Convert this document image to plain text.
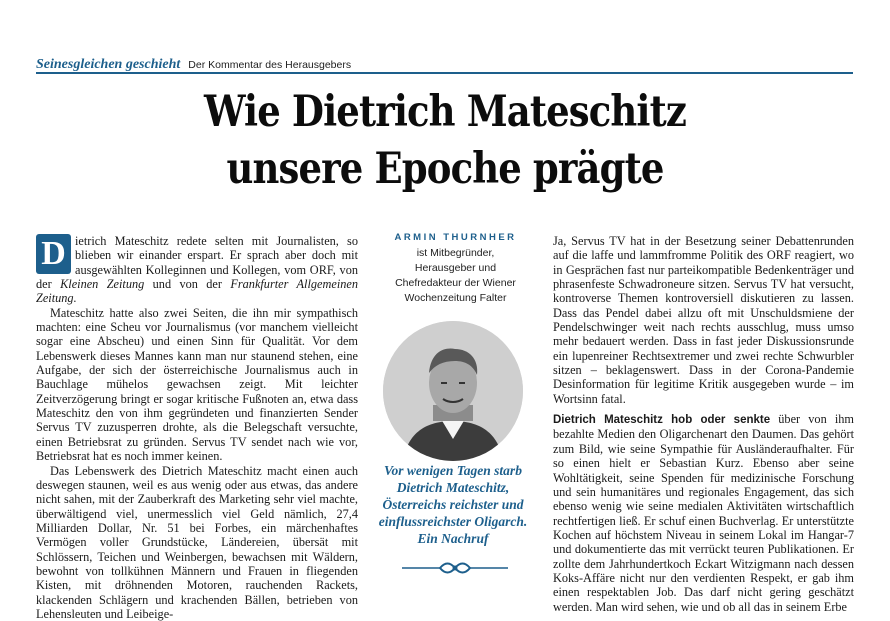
Seinesgleichen geschieht Der Kommentar des Herausgebers
Wie Dietrich Mateschitz
unsere Epoche prägte

D ietrich Mateschitz redete selten mit Journalisten, so blieben wir einander erspart. Er sprach aber doch mit ausgewählten Kolleginnen und Kollegen, vom ORF, von der Kleinen Zeitung und von der Frankfurter Allgemeinen Zeitung.

Mateschitz hatte also zwei Seiten, die ihn mir sympathisch machten: eine Scheu vor Journalismus (vor manchem vielleicht sogar eine Abscheu) und einen Sinn für Qualität. Vor dem Lebenswerk dieses Mannes kann man nur staunend stehen, eine Aufgabe, der sich der österreichische Journalismus auch in Bauchlage mühelos gewachsen zeigt. Mit leichter Zeitverzögerung bringt er sogar kritische Fußnoten an, etwa dass Mateschitz den von ihm gegründeten und finanzierten Sender Servus TV zuzusperren drohte, als die Belegschaft versuchte, einen Betriebsrat zu gründen. Servus TV sendet nach wie vor, Betriebsrat hat es noch immer keinen.

Das Lebenswerk des Dietrich Mateschitz macht einen auch deswegen staunen, weil es aus wenig oder aus etwas, das andere nicht sahen, mit der Zauberkraft des Marketing sehr viel machte, überwältigend viel, unermesslich viel Geld nämlich, 27,4 Milliarden Dollar, Nr. 51 bei Forbes, ein märchenhaftes Vermögen voller Grundstücke, Ländereien, übersät mit Schlössern, Teichen und Weinbergen, bewachsen mit Wäldern, bewohnt von tollkühnen Männern und Frauen in fliegenden Kisten, mit dröhnenden Motoren, rauchenden Rackets, klackenden Schlägern und krachenden Bällen, betrieben von Lehensleuten und Leibeige-

ARMIN THURNHER
ist Mitbegründer,
Herausgeber und
Chefredakteur der Wiener
Wochenzeitung Falter
Vor wenigen Tagen starb
Dietrich Mateschitz,
Österreichs reichster und
einflussreichster Oligarch.
Ein Nachruf

Ja, Servus TV hat in der Besetzung seiner Debattenrunden auf die laffe und lammfromme Politik des ORF reagiert, wo in Gesprächen fast nur parteikompatible Bedenkenträger und phrasenfeste Schwadroneure sitzen. Servus TV hat versucht, kontroverse Themen kontroversiell diskutieren zu lassen. Dass das Pendel dabei allzu oft mit Unschuldsmiene der Pendelschwinger weit nach rechts ausschlug, muss umso mehr bedauert werden. Dass in fast jeder Diskussionsrunde ein lupenreiner Rechtsextremer und zwei rechte Schwurbler sitzen – beklagenswert. Dass in der Corona-Pandemie Desinformation für legitime Kritik ausgegeben wurde – im Wortsinn fatal.

Dietrich Mateschitz hob oder senkte über von ihm bezahlte Medien den Oligarchenart den Daumen. Das gehört zum Bild, wie seine Sympathie für Ausländeraufhalter. Für so einen hielt er Sebastian Kurz. Ebenso aber seine Wohltätigkeit, seine Spenden für medizinische Forschung und sein humanitäres und regionales Engagement, das sich ebenso wenig wie seine medialen Aktivitäten wirtschaftlich rechtfertigen ließ. Er schuf einen Buchverlag. Er unterstützte Kochen auf höchstem Niveau in seinem Lokal im Hangar-7 und dokumentierte das mit verrückt teuren Publikationen. Er zollte dem Jahrhundertkoch Eckart Witzigmann nach dessen Koks-Affäre nicht nur den verdienten Respekt, er gab ihm einen respektablen Job. Das darf nicht gering geschätzt werden. Man wird sehen, wie und ob all das in seinem Erbe
